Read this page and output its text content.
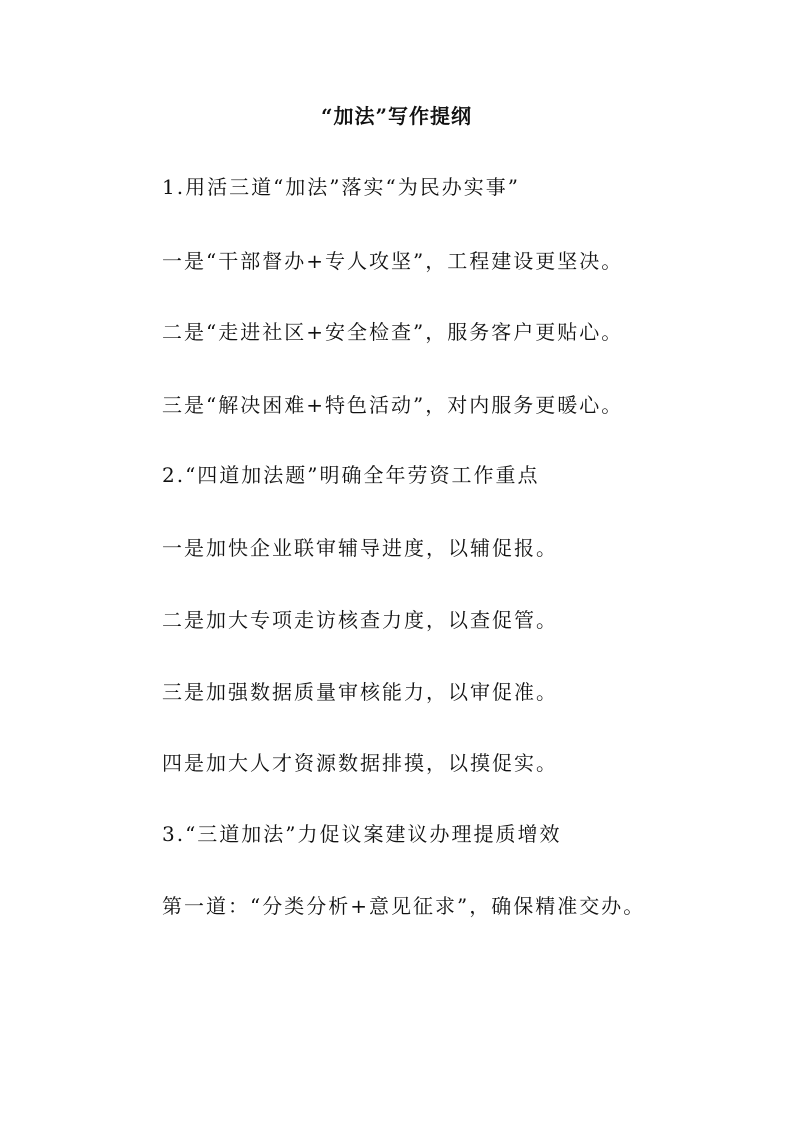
“加法”写作提纲
1.用活三道“加法”落实“为民办实事”
一是“干部督办+专人攻坚”，工程建设更坚决。
二是“走进社区+安全检查”，服务客户更贴心。
三是“解决困难+特色活动”，对内服务更暖心。
2.“四道加法题”明确全年劳资工作重点
一是加快企业联审辅导进度，以辅促报。
二是加大专项走访核查力度，以查促管。
三是加强数据质量审核能力，以审促准。
四是加大人才资源数据排摸，以摸促实。
3.“三道加法”力促议案建议办理提质增效
第一道：“分类分析+意见征求”，确保精准交办。
